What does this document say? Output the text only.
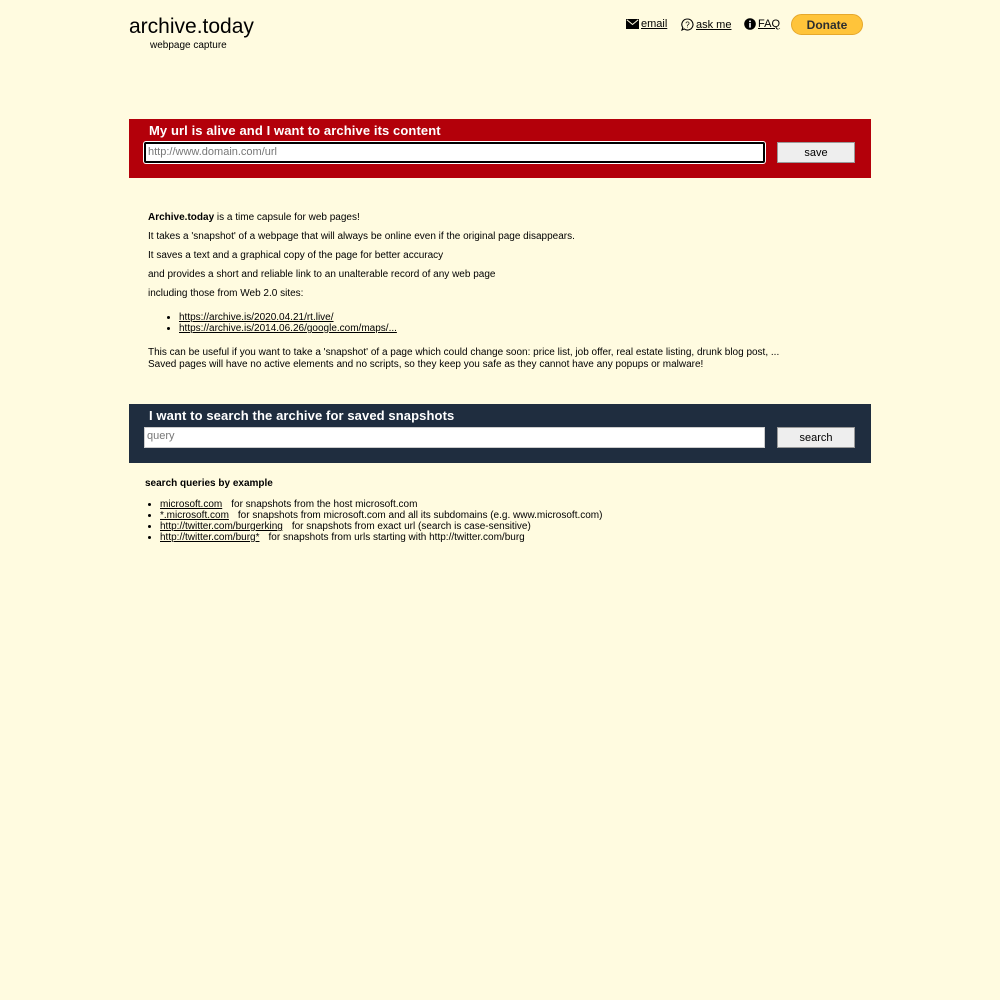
archive.today
webpage capture
email ? ask me FAQ	Donate
My url is alive and I want to archive its content
http://www.domain.com/url	save

Archive.today is a time capsule for web pages!

It takes a 'snapshot' of a webpage that will always be online even if the original page disappears.

It saves a text and a graphical copy of the page for better accuracy

and provides a short and reliable link to an unalterable record of any web page

including those from Web 2.0 sites:

• https://archive.is/2020.04.21/rt.live/
• https://archive.is/2014.06.26/google.com/maps/...
This can be useful if you want to take a 'snapshot' of a page which could change soon: price list, job offer, real estate listing, drunk blog post, ...
Saved pages will have no active elements and no scripts, so they keep you safe as they cannot have any popups or malware!
I want to search the archive for saved snapshots
query	search
search queries by example
• microsoft.com for snapshots from the host microsoft.com
• *.microsoft.com for snapshots from microsoft.com and all its subdomains (e.g. www.microsoft.com)
• http://twitter.com/burgerking for snapshots from exact url (search is case-sensitive)
• http://twitter.com/burg* for snapshots from urls starting with http://twitter.com/burg
